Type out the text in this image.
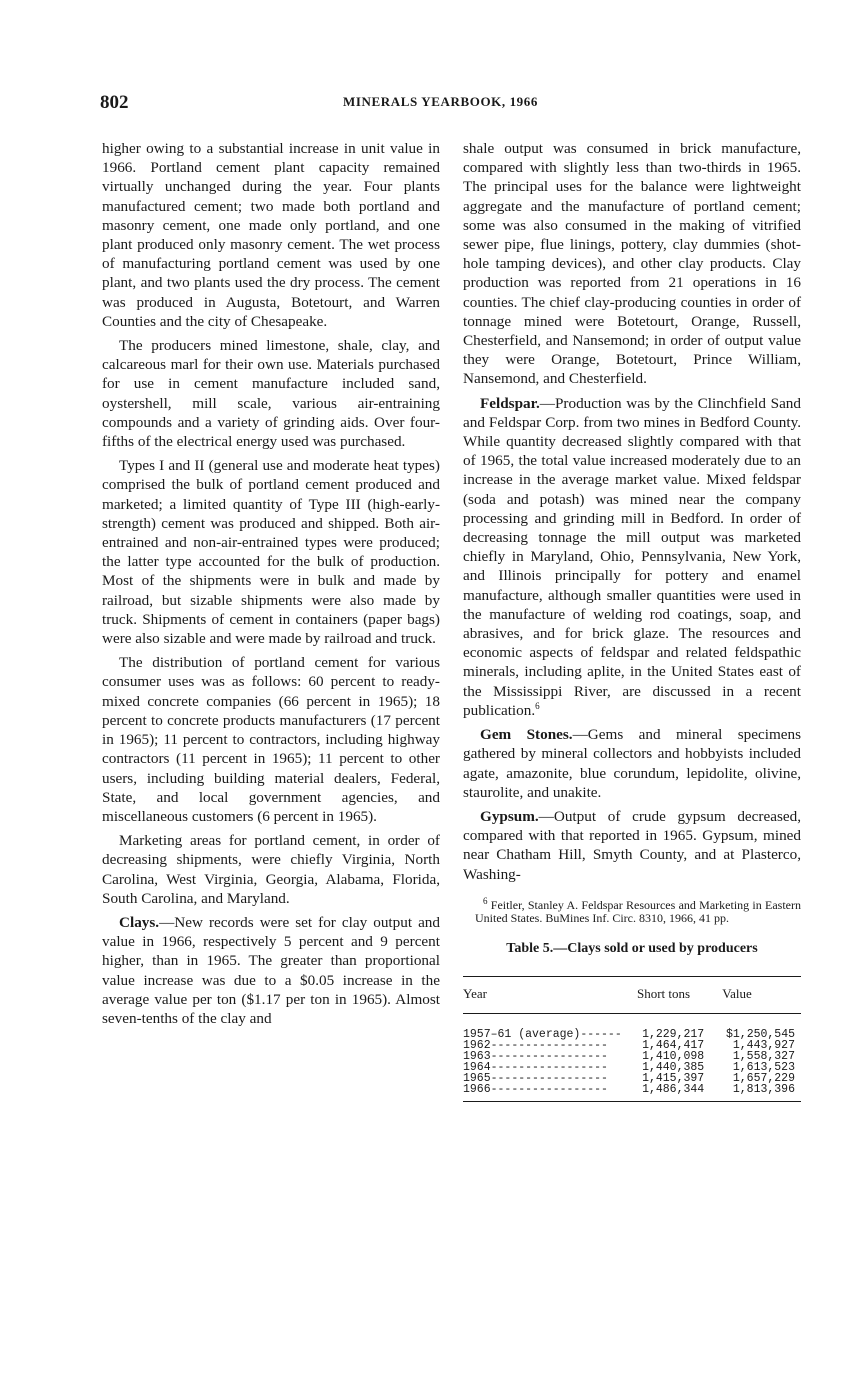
802	MINERALS YEARBOOK, 1966

higher owing to a substantial increase in unit value in 1966. Portland cement plant capacity remained virtually unchanged during the year. Four plants manufactured cement; two made both portland and masonry cement, one made only portland, and one plant produced only masonry cement. The wet process of manufacturing portland cement was used by one plant, and two plants used the dry process. The cement was produced in Augusta, Botetourt, and Warren Counties and the city of Chesapeake.

The producers mined limestone, shale, clay, and calcareous marl for their own use. Materials purchased for use in cement manufacture included sand, oystershell, mill scale, various air-entraining compounds and a variety of grinding aids. Over four-fifths of the electrical energy used was purchased.

Types I and II (general use and moderate heat types) comprised the bulk of portland cement produced and marketed; a limited quantity of Type III (high-early-strength) cement was produced and shipped. Both air-entrained and non-air-entrained types were produced; the latter type accounted for the bulk of production. Most of the shipments were in bulk and made by railroad, but sizable shipments were also made by truck. Shipments of cement in containers (paper bags) were also sizable and were made by railroad and truck.

The distribution of portland cement for various consumer uses was as follows: 60 percent to ready-mixed concrete companies (66 percent in 1965); 18 percent to concrete products manufacturers (17 percent in 1965); 11 percent to contractors, including highway contractors (11 percent in 1965); 11 percent to other users, including building material dealers, Federal, State, and local government agencies, and miscellaneous customers (6 percent in 1965).

Marketing areas for portland cement, in order of decreasing shipments, were chiefly Virginia, North Carolina, West Virginia, Georgia, Alabama, Florida, South Carolina, and Maryland.

Clays.—New records were set for clay output and value in 1966, respectively 5 percent and 9 percent higher, than in 1965. The greater than proportional value increase was due to a $0.05 increase in the average value per ton ($1.17 per ton in 1965). Almost seven-tenths of the clay and

shale output was consumed in brick manufacture, compared with slightly less than two-thirds in 1965. The principal uses for the balance were lightweight aggregate and the manufacture of portland cement; some was also consumed in the making of vitrified sewer pipe, flue linings, pottery, clay dummies (shot-hole tamping devices), and other clay products. Clay production was reported from 21 operations in 16 counties. The chief clay-producing counties in order of tonnage mined were Botetourt, Orange, Russell, Chesterfield, and Nansemond; in order of output value they were Orange, Botetourt, Prince William, Nansemond, and Chesterfield.

Feldspar.—Production was by the Clinchfield Sand and Feldspar Corp. from two mines in Bedford County. While quantity decreased slightly compared with that of 1965, the total value increased moderately due to an increase in the average market value. Mixed feldspar (soda and potash) was mined near the company processing and grinding mill in Bedford. In order of decreasing tonnage the mill output was marketed chiefly in Maryland, Ohio, Pennsylvania, New York, and Illinois principally for pottery and enamel manufacture, although smaller quantities were used in the manufacture of welding rod coatings, soap, and abrasives, and for brick glaze. The resources and economic aspects of feldspar and related feldspathic minerals, including aplite, in the United States east of the Mississippi River, are discussed in a recent publication.$^6$

Gem Stones.—Gems and mineral specimens gathered by mineral collectors and hobbyists included agate, amazonite, blue corundum, lepidolite, olivine, staurolite, and unakite.

Gypsum.—Output of crude gypsum decreased, compared with that reported in 1965. Gypsum, mined near Chatham Hill, Smyth County, and at Plasterco, Washing-

$^6$ Feitler, Stanley A. Feldspar Resources and Marketing in Eastern United States. BuMines Inf. Circ. 8310, 1966, 41 pp.

Table 5.—Clays sold or used by producers
Year	Short tons	Value
1957–61 (average)------	1,229,217	$1,250,545
1962-----------------	1,464,417	1,443,927
1963-----------------	1,410,098	1,558,327
1964-----------------	1,440,385	1,613,523
1965-----------------	1,415,397	1,657,229
1966-----------------	1,486,344	1,813,396
